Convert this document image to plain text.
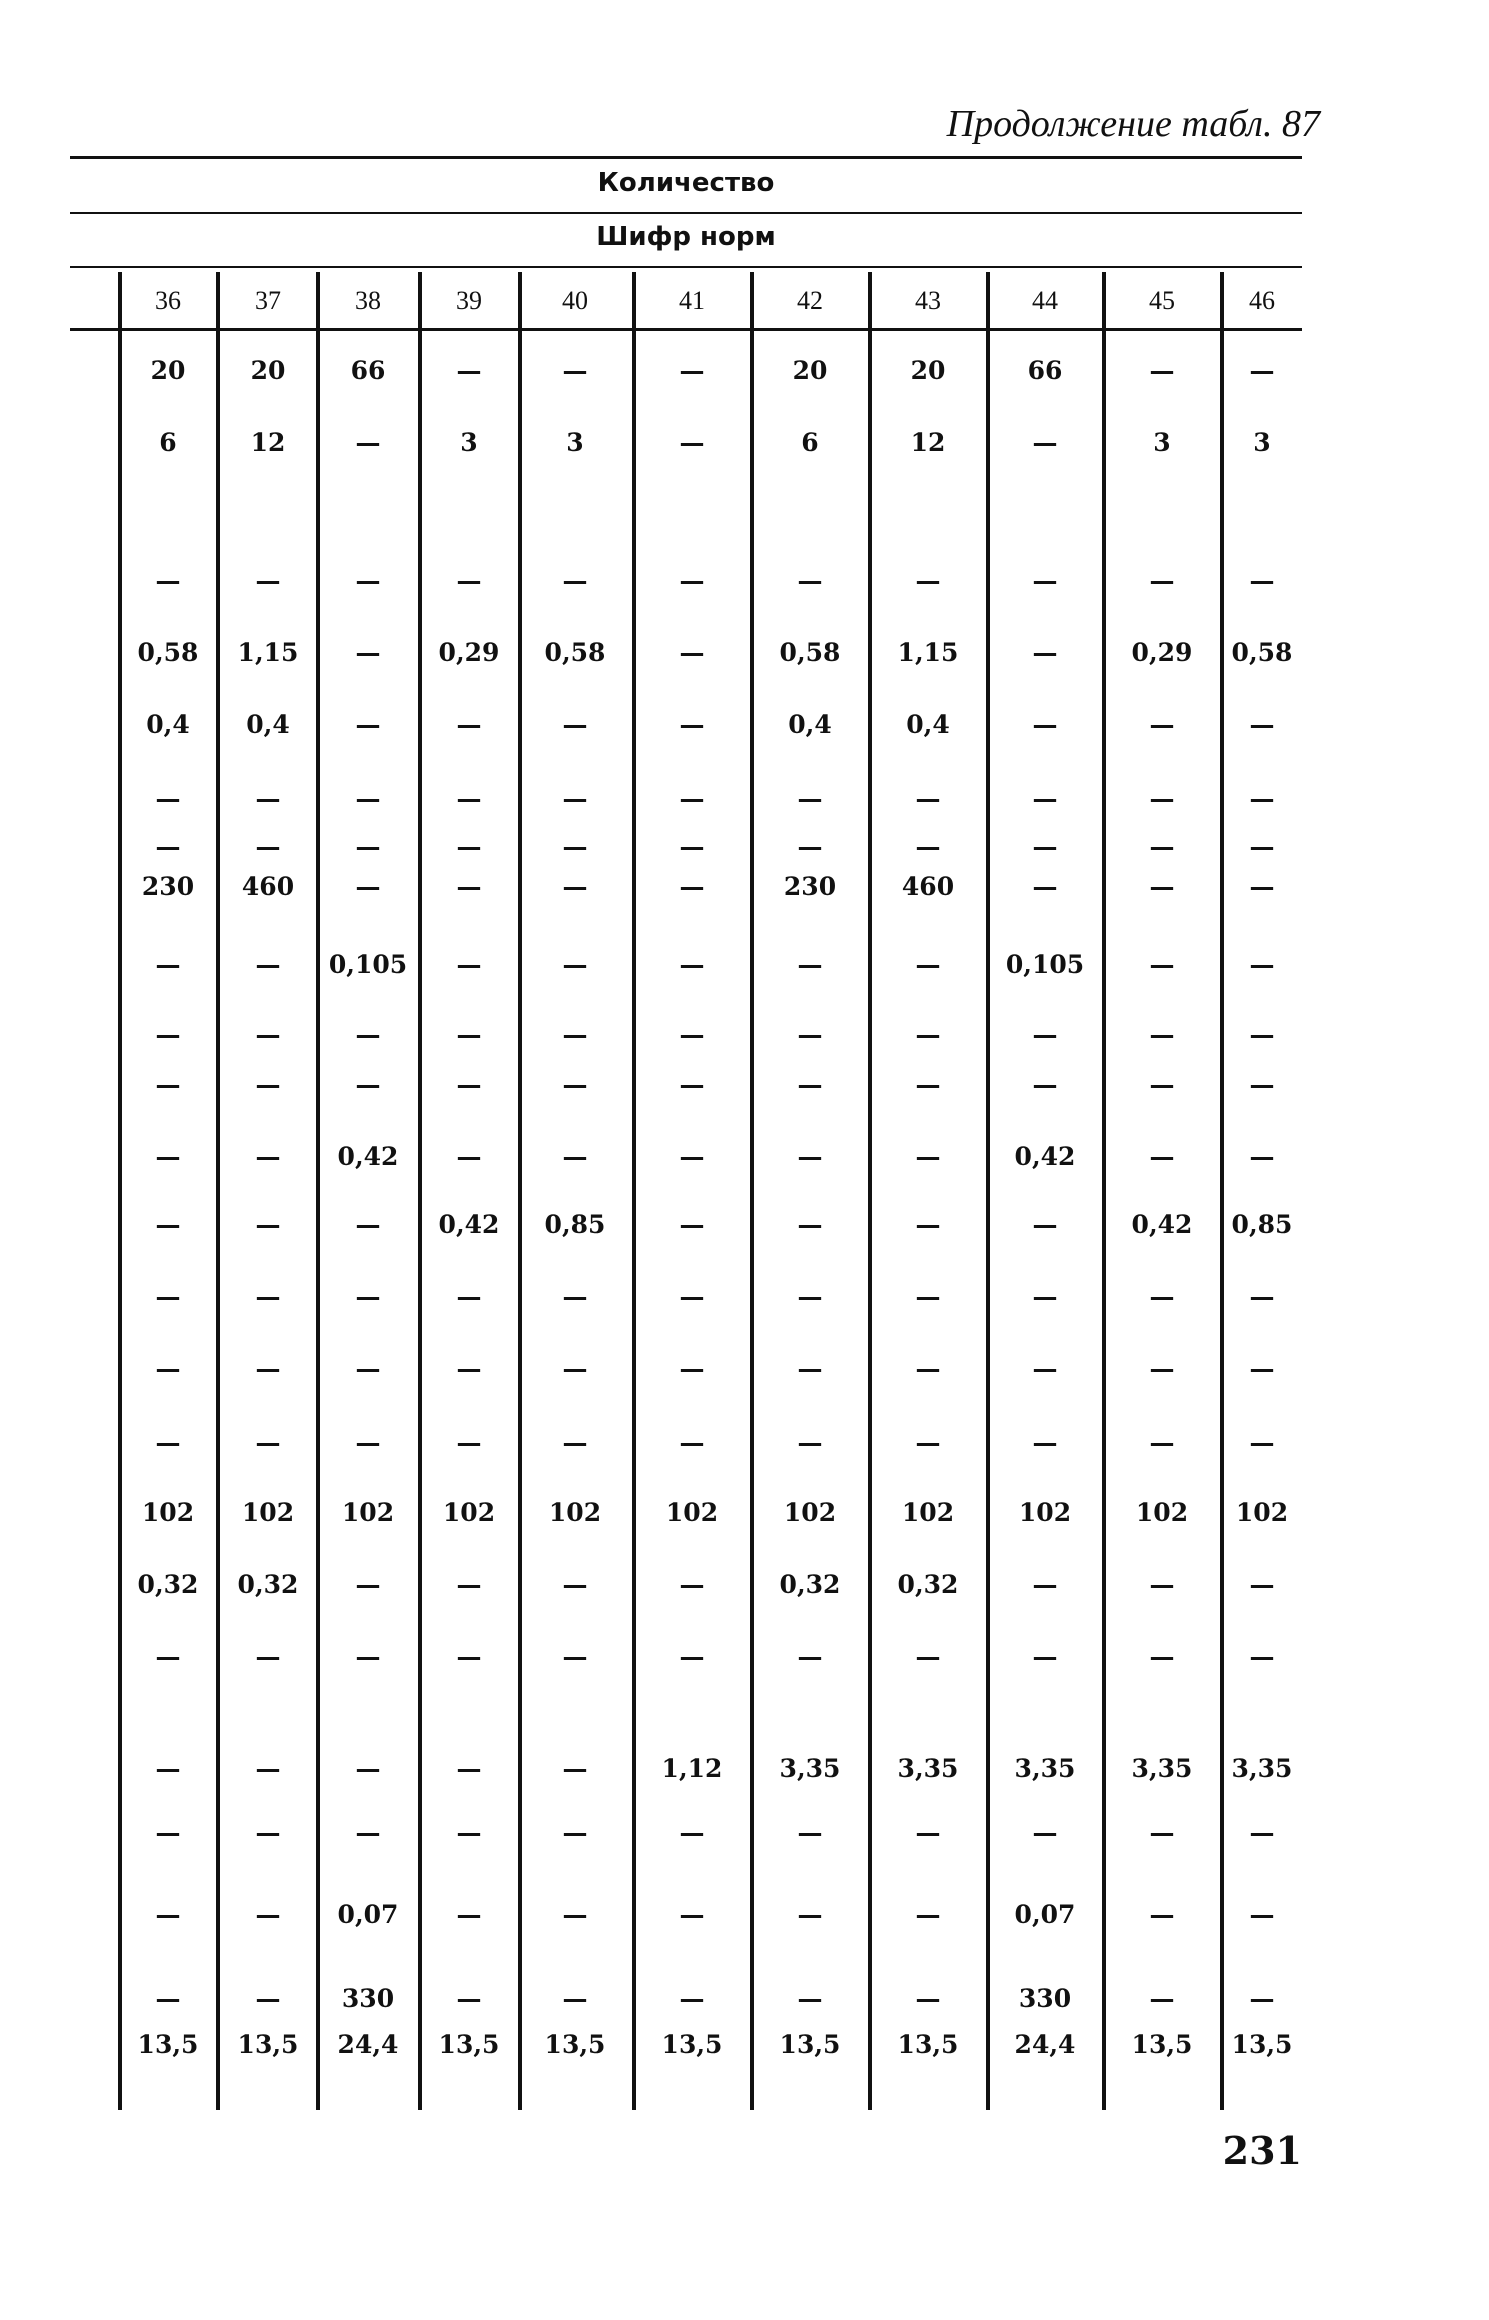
Продолжение табл. 87
Количество
Шифр норм
36	37	38	39	40	41	42	43	44	45	46
20	20	66	—	—	—	20	20	66	—	—
6	12	—	3	3	—	6	12	—	3	3
—	—	—	—	—	—	—	—	—	—	—
0,58	1,15	—	0,29	0,58	—	0,58	1,15	—	0,29	0,58
0,4	0,4	—	—	—	—	0,4	0,4	—	—	—
—	—	—	—	—	—	—	—	—	—	—
—	—	—	—	—	—	—	—	—	—	—
230	460	—	—	—	—	230	460	—	—	—
—	—	0,105	—	—	—	—	—	0,105	—	—
—	—	—	—	—	—	—	—	—	—	—
—	—	—	—	—	—	—	—	—	—	—
—	—	0,42	—	—	—	—	—	0,42	—	—
—	—	—	0,42	0,85	—	—	—	—	0,42	0,85
—	—	—	—	—	—	—	—	—	—	—
—	—	—	—	—	—	—	—	—	—	—
—	—	—	—	—	—	—	—	—	—	—
102	102	102	102	102	102	102	102	102	102	102
0,32	0,32	—	—	—	—	0,32	0,32	—	—	—
—	—	—	—	—	—	—	—	—	—	—
—	—	—	—	—	1,12	3,35	3,35	3,35	3,35	3,35
—	—	—	—	—	—	—	—	—	—	—
—	—	0,07	—	—	—	—	—	0,07	—	—
—	—	330	—	—	—	—	—	330	—	—
13,5	13,5	24,4	13,5	13,5	13,5	13,5	13,5	24,4	13,5	13,5
231
